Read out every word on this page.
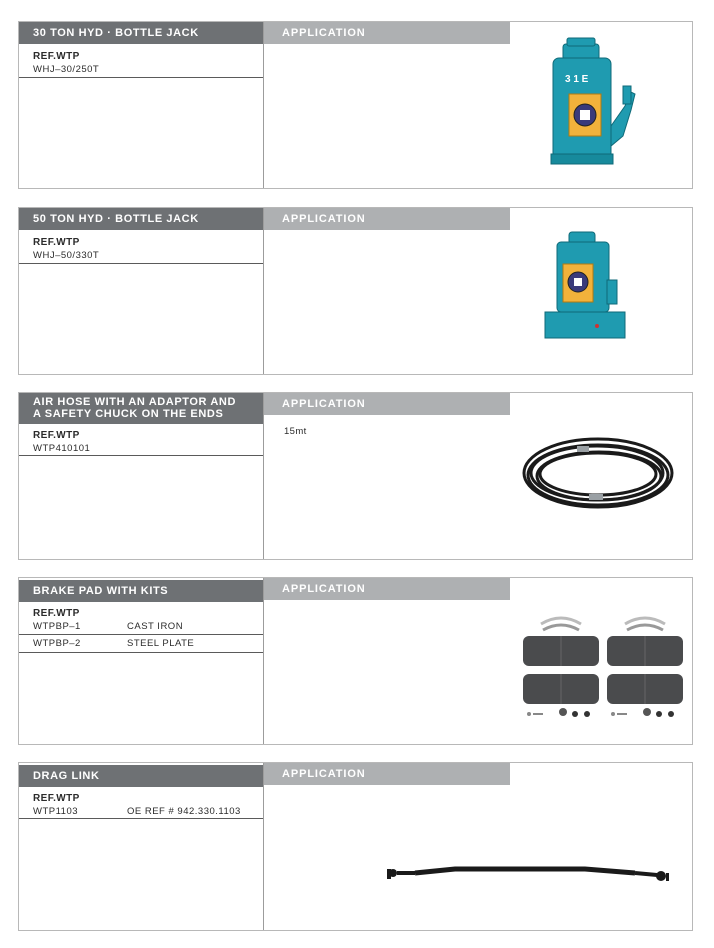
30 TON HYD · BOTTLE JACK	APPLICATION
REF.WTP
WHJ–30/250T
3 1 E
50 TON HYD · BOTTLE JACK	APPLICATION
REF.WTP
WHJ–50/330T
AIR HOSE WITH AN ADAPTOR AND
A SAFETY CHUCK ON THE ENDS
APPLICATION
REF.WTP
WTP410101
15mt
BRAKE PAD WITH KITS	APPLICATION
REF.WTP
WTPBP–1	CAST IRON
WTPBP–2	STEEL PLATE
DRAG LINK	APPLICATION
REF.WTP
WTP1103	OE REF # 942.330.1103
